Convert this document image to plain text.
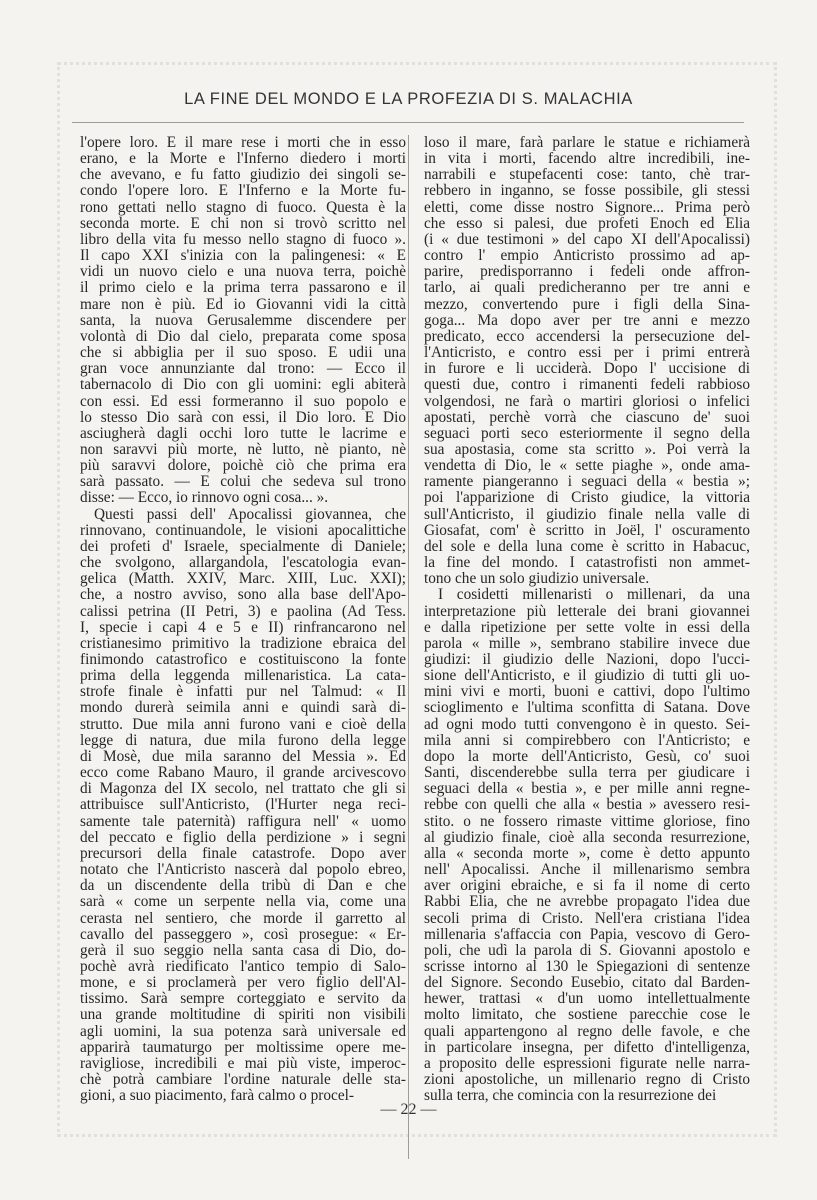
LA FINE DEL MONDO E LA PROFEZIA DI S. MALACHIA
l'opere loro. E il mare rese i morti che in esso
erano, e la Morte e l'Inferno diedero i morti
che avevano, e fu fatto giudizio dei singoli se-
condo l'opere loro. E l'Inferno e la Morte fu-
rono gettati nello stagno di fuoco. Questa è la
seconda morte. E chi non si trovò scritto nel
libro della vita fu messo nello stagno di fuoco ».
Il capo XXI s'inizia con la palingenesi: « E
vidi un nuovo cielo e una nuova terra, poichè
il primo cielo e la prima terra passarono e il
mare non è più. Ed io Giovanni vidi la città
santa, la nuova Gerusalemme discendere per
volontà di Dio dal cielo, preparata come sposa
che si abbiglia per il suo sposo. E udii una
gran voce annunziante dal trono: — Ecco il
tabernacolo di Dio con gli uomini: egli abiterà
con essi. Ed essi formeranno il suo popolo e
lo stesso Dio sarà con essi, il Dio loro. E Dio
asciugherà dagli occhi loro tutte le lacrime e
non saravvi più morte, nè lutto, nè pianto, nè
più saravvi dolore, poichè ciò che prima era
sarà passato. — E colui che sedeva sul trono
disse: — Ecco, io rinnovo ogni cosa... ».
Questi passi dell' Apocalissi giovannea, che
rinnovano, continuandole, le visioni apocalittiche
dei profeti d' Israele, specialmente di Daniele;
che svolgono, allargandola, l'escatologia evan-
gelica (Matth. XXIV, Marc. XIII, Luc. XXI);
che, a nostro avviso, sono alla base dell'Apo-
calissi petrina (II Petri, 3) e paolina (Ad Tess.
I, specie i capi 4 e 5 e II) rinfrancarono nel
cristianesimo primitivo la tradizione ebraica del
finimondo catastrofico e costituiscono la fonte
prima della leggenda millenaristica. La cata-
strofe finale è infatti pur nel Talmud: « Il
mondo durerà seimila anni e quindi sarà di-
strutto. Due mila anni furono vani e cioè della
legge di natura, due mila furono della legge
di Mosè, due mila saranno del Messia ». Ed
ecco come Rabano Mauro, il grande arcivescovo
di Magonza del IX secolo, nel trattato che gli si
attribuisce sull'Anticristo, (l'Hurter nega reci-
samente tale paternità) raffigura nell' « uomo
del peccato e figlio della perdizione » i segni
precursori della finale catastrofe. Dopo aver
notato che l'Anticristo nascerà dal popolo ebreo,
da un discendente della tribù di Dan e che
sarà « come un serpente nella via, come una
cerasta nel sentiero, che morde il garretto al
cavallo del passeggero », così prosegue: « Er-
gerà il suo seggio nella santa casa di Dio, do-
pochè avrà riedificato l'antico tempio di Salo-
mone, e si proclamerà per vero figlio dell'Al-
tissimo. Sarà sempre corteggiato e servito da
una grande moltitudine di spiriti non visibili
agli uomini, la sua potenza sarà universale ed
apparirà taumaturgo per moltissime opere me-
ravigliose, incredibili e mai più viste, imperoc-
chè potrà cambiare l'ordine naturale delle sta-
gioni, a suo piacimento, farà calmo o procel-
loso il mare, farà parlare le statue e richiamerà
in vita i morti, facendo altre incredibili, ine-
narrabili e stupefacenti cose: tanto, chè trar-
rebbero in inganno, se fosse possibile, gli stessi
eletti, come disse nostro Signore... Prima però
che esso si palesi, due profeti Enoch ed Elia
(i « due testimoni » del capo XI dell'Apocalissi)
contro l' empio Anticristo prossimo ad ap-
parire, predisporranno i fedeli onde affron-
tarlo, ai quali predicheranno per tre anni e
mezzo, convertendo pure i figli della Sina-
goga... Ma dopo aver per tre anni e mezzo
predicato, ecco accendersi la persecuzione del-
l'Anticristo, e contro essi per i primi entrerà
in furore e li ucciderà. Dopo l' uccisione di
questi due, contro i rimanenti fedeli rabbioso
volgendosi, ne farà o martiri gloriosi o infelici
apostati, perchè vorrà che ciascuno de' suoi
seguaci porti seco esteriormente il segno della
sua apostasia, come sta scritto ». Poi verrà la
vendetta di Dio, le « sette piaghe », onde ama-
ramente piangeranno i seguaci della « bestia »;
poi l'apparizione di Cristo giudice, la vittoria
sull'Anticristo, il giudizio finale nella valle di
Giosafat, com' è scritto in Joël, l' oscuramento
del sole e della luna come è scritto in Habacuc,
la fine del mondo. I catastrofisti non ammet-
tono che un solo giudizio universale.
I cosidetti millenaristi o millenari, da una
interpretazione più letterale dei brani giovannei
e dalla ripetizione per sette volte in essi della
parola « mille », sembrano stabilire invece due
giudizi: il giudizio delle Nazioni, dopo l'ucci-
sione dell'Anticristo, e il giudizio di tutti gli uo-
mini vivi e morti, buoni e cattivi, dopo l'ultimo
scioglimento e l'ultima sconfitta di Satana. Dove
ad ogni modo tutti convengono è in questo. Sei-
mila anni si compirebbero con l'Anticristo; e
dopo la morte dell'Anticristo, Gesù, co' suoi
Santi, discenderebbe sulla terra per giudicare i
seguaci della « bestia », e per mille anni regne-
rebbe con quelli che alla « bestia » avessero resi-
stito. o ne fossero rimaste vittime gloriose, fino
al giudizio finale, cioè alla seconda resurrezione,
alla « seconda morte », come è detto appunto
nell' Apocalissi. Anche il millenarismo sembra
aver origini ebraiche, e si fa il nome di certo
Rabbi Elia, che ne avrebbe propagato l'idea due
secoli prima di Cristo. Nell'era cristiana l'idea
millenaria s'affaccia con Papia, vescovo di Gero-
poli, che udì la parola di S. Giovanni apostolo e
scrisse intorno al 130 le Spiegazioni di sentenze
del Signore. Secondo Eusebio, citato dal Barden-
hewer, trattasi « d'un uomo intellettualmente
molto limitato, che sostiene parecchie cose le
quali appartengono al regno delle favole, e che
in particolare insegna, per difetto d'intelligenza,
a proposito delle espressioni figurate nelle narra-
zioni apostoliche, un millenario regno di Cristo
sulla terra, che comincia con la resurrezione dei
— 22 —
